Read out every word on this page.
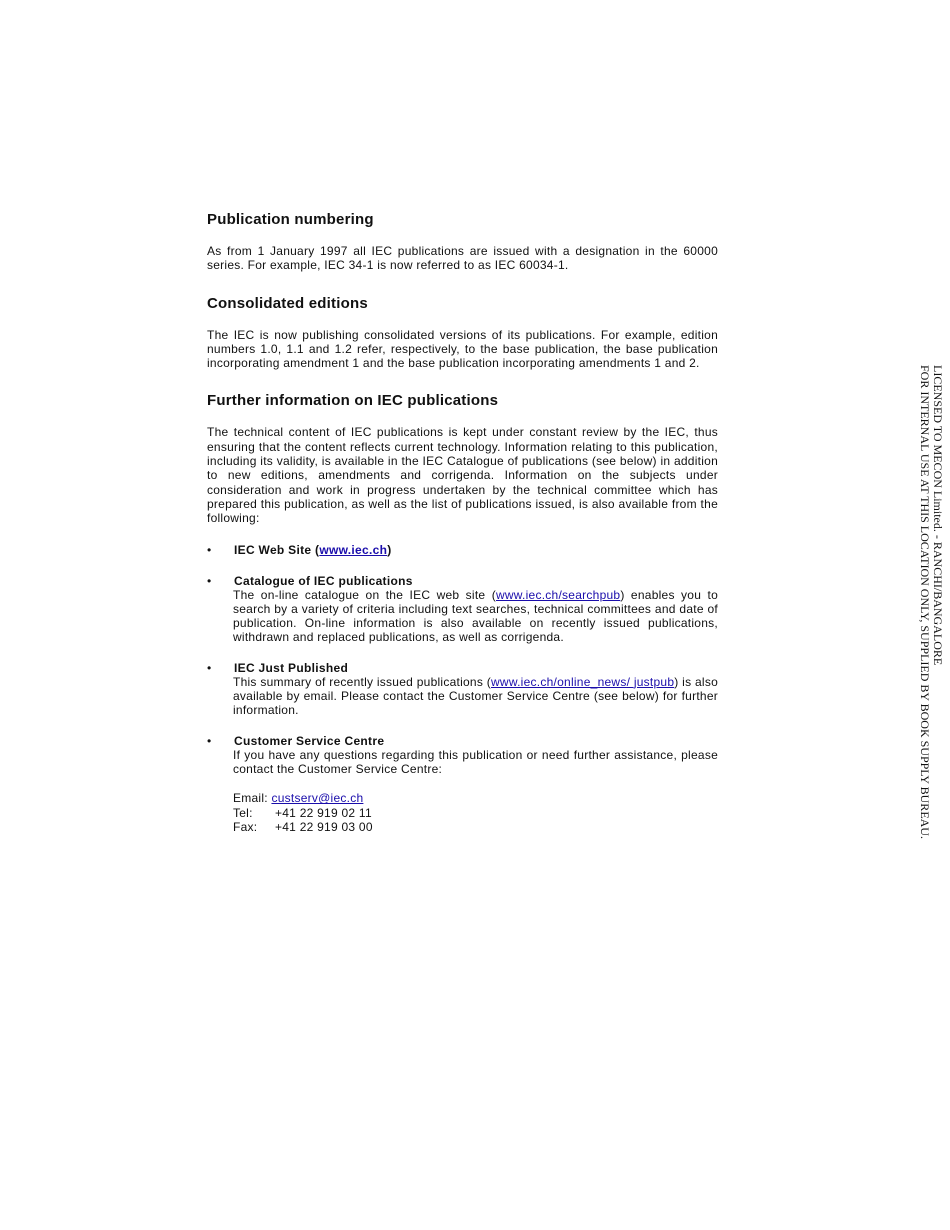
Publication numbering

As from 1 January 1997 all IEC publications are issued with a designation in the 60000 series. For example, IEC 34-1 is now referred to as IEC 60034-1.

Consolidated editions

The IEC is now publishing consolidated versions of its publications. For example, edition numbers 1.0, 1.1 and 1.2 refer, respectively, to the base publication, the base publication incorporating amendment 1 and the base publication incorporating amendments 1 and 2.

Further information on IEC publications

The technical content of IEC publications is kept under constant review by the IEC, thus ensuring that the content reflects current technology. Information relating to this publication, including its validity, is available in the IEC Catalogue of publications (see below) in addition to new editions, amendments and corrigenda. Information on the subjects under consideration and work in progress undertaken by the technical committee which has prepared this publication, as well as the list of publications issued, is also available from the following:

• IEC Web Site (www.iec.ch)
• Catalogue of IEC publications

The on-line catalogue on the IEC web site (www.iec.ch/searchpub) enables you to search by a variety of criteria including text searches, technical committees and date of publication. On-line information is also available on recently issued publications, withdrawn and replaced publications, as well as corrigenda.

• IEC Just Published

This summary of recently issued publications (www.iec.ch/online_news/ justpub) is also available by email. Please contact the Customer Service Centre (see below) for further information.

• Customer Service Centre

If you have any questions regarding this publication or need further assistance, please contact the Customer Service Centre:

Email:
custserv@iec.ch
Tel:	+41 22 919 02 11
Fax:	+41 22 919 03 00
LICENSED TO MECON Limited. - RANCHI/BANGALORE
FOR INTERNAL USE AT THIS LOCATION ONLY, SUPPLIED BY BOOK SUPPLY BUREAU.
